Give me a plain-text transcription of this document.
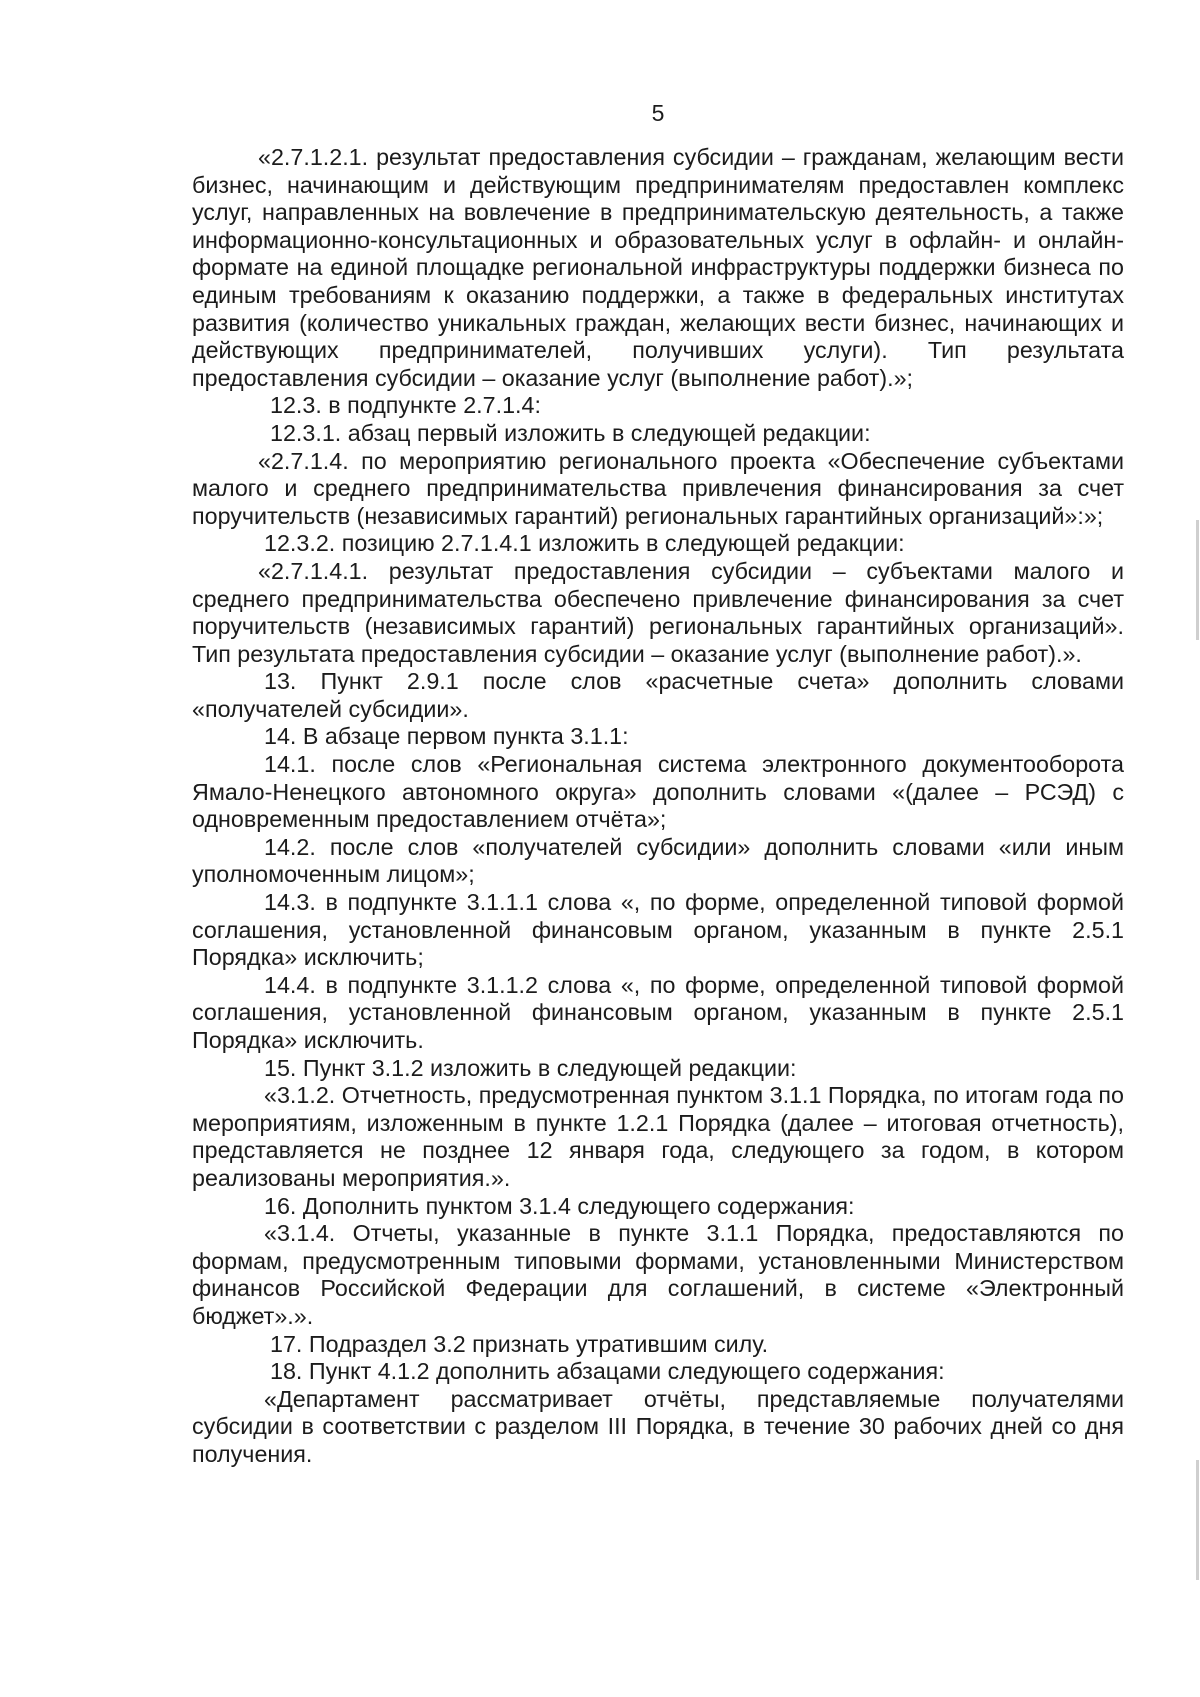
5

«2.7.1.2.1. результат предоставления субсидии – гражданам, желающим вести бизнес, начинающим и действующим предпринимателям предоставлен комплекс услуг, направленных на вовлечение в предпринимательскую деятельность, а также информационно-консультационных и образовательных услуг в офлайн- и онлайн-формате на единой площадке региональной инфраструктуры поддержки бизнеса по единым требованиям к оказанию поддержки, а также в федеральных институтах развития (количество уникальных граждан, желающих вести бизнес, начинающих и действующих предпринимателей, получивших услуги). Тип результата предоставления субсидии – оказание услуг (выполнение работ).»;

12.3. в подпункте 2.7.1.4:

12.3.1. абзац первый изложить в следующей редакции:

«2.7.1.4. по мероприятию регионального проекта «Обеспечение субъектами малого и среднего предпринимательства привлечения финансирования за счет поручительств (независимых гарантий) региональных гарантийных организаций»:»;

12.3.2. позицию 2.7.1.4.1 изложить в следующей редакции:

«2.7.1.4.1. результат предоставления субсидии – субъектами малого и среднего предпринимательства обеспечено привлечение финансирования за счет поручительств (независимых гарантий) региональных гарантийных организаций». Тип результата предоставления субсидии – оказание услуг (выполнение работ).».

13. Пункт 2.9.1 после слов «расчетные счета» дополнить словами «получателей субсидии».

14. В абзаце первом пункта 3.1.1:

14.1. после слов «Региональная система электронного документооборота Ямало-Ненецкого автономного округа» дополнить словами «(далее – РСЭД) с одновременным предоставлением отчёта»;

14.2. после слов «получателей субсидии» дополнить словами «или иным уполномоченным лицом»;

14.3. в подпункте 3.1.1.1 слова «, по форме, определенной типовой формой соглашения, установленной финансовым органом, указанным в пункте 2.5.1 Порядка» исключить;

14.4. в подпункте 3.1.1.2 слова «, по форме, определенной типовой формой соглашения, установленной финансовым органом, указанным в пункте 2.5.1 Порядка» исключить.

15. Пункт 3.1.2 изложить в следующей редакции:

«3.1.2. Отчетность, предусмотренная пунктом 3.1.1 Порядка, по итогам года по мероприятиям, изложенным в пункте 1.2.1 Порядка (далее – итоговая отчетность), представляется не позднее 12 января года, следующего за годом, в котором реализованы мероприятия.».

16. Дополнить пунктом 3.1.4 следующего содержания:

«3.1.4. Отчеты, указанные в пункте 3.1.1 Порядка, предоставляются по формам, предусмотренным типовыми формами, установленными Министерством финансов Российской Федерации для соглашений, в системе «Электронный бюджет».».

17. Подраздел 3.2 признать утратившим силу.

18. Пункт 4.1.2 дополнить абзацами следующего содержания:

«Департамент рассматривает отчёты, представляемые получателями субсидии в соответствии с разделом III Порядка, в течение 30 рабочих дней со дня получения.
